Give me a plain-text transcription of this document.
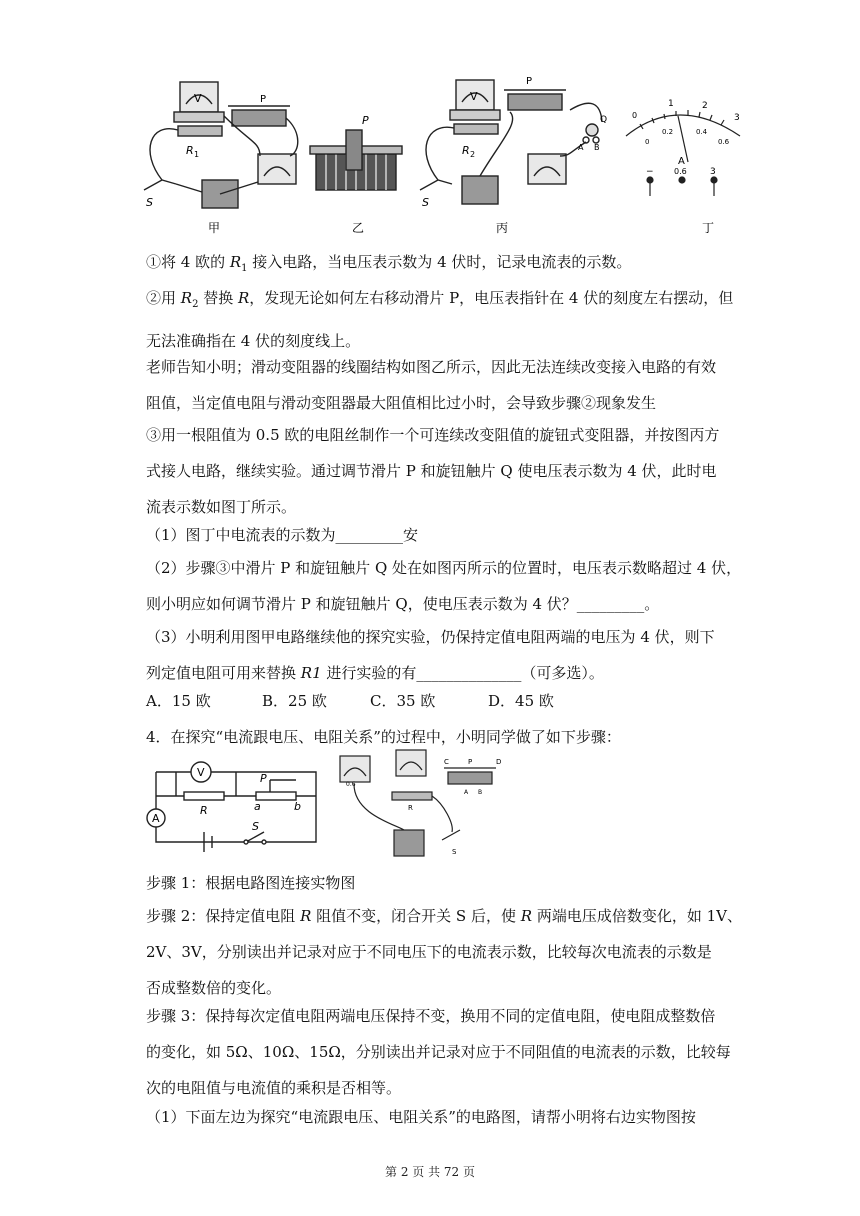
V	P
R 1
S
P
V
P
Q
A B
R 2
S
0
1	2
3
0
0.2	0.4
0.6
A
−	0.6	3
甲	乙	丙	丁
①将 4 欧的 $R_1$ 接入电路，当电压表示数为 4 伏时，记录电流表的示数。
②用 $R_2$ 替换 R，发现无论如何左右移动滑片 P，电压表指针在 4 伏的刻度左右摆动，但
无法准确指在 4 伏的刻度线上。
老师告知小明；滑动变阻器的线圈结构如图乙所示，因此无法连续改变接入电路的有效
阻值，当定值电阻与滑动变阻器最大阻值相比过小时，会导致步骤②现象发生
③用一根阻值为 0.5 欧的电阻丝制作一个可连续改变阻值的旋钮式变阻器，并按图丙方
式接人电路，继续实验。通过调节滑片 P 和旋钮触片 Q 使电压表示数为 4 伏，此时电
流表示数如图丁所示。
（1）图丁中电流表的示数为_________安
（2）步骤③中滑片 P 和旋钮触片 Q 处在如图丙所示的位置时，电压表示数略超过 4 伏，
则小明应如何调节滑片 P 和旋钮触片 Q，使电压表示数为 4 伏？_________。
（3）小明利用图甲电路继续他的探究实验，仍保持定值电阻两端的电压为 4 伏，则下
列定值电阻可用来替换 R1 进行实验的有______________（可多选）。
A．15 欧	B．25 欧	C．35 欧	D．45 欧
4．在探究“电流跟电压、电阻关系”的过程中，小明同学做了如下步骤：
V
A
R
P
a	b
S
0.6
C	P	D
A B
R
S
步骤 1：根据电路图连接实物图
步骤 2：保持定值电阻 R 阻值不变，闭合开关 S 后，使 R 两端电压成倍数变化，如 1V、
2V、3V，分别读出并记录对应于不同电压下的电流表示数，比较每次电流表的示数是
否成整数倍的变化。
步骤 3：保持每次定值电阻两端电压保持不变，换用不同的定值电阻，使电阻成整数倍
的变化，如 5Ω、10Ω、15Ω，分别读出并记录对应于不同阻值的电流表的示数，比较每
次的电阻值与电流值的乘积是否相等。
（1）下面左边为探究“电流跟电压、电阻关系”的电路图，请帮小明将右边实物图按
第 2 页 共 72 页
